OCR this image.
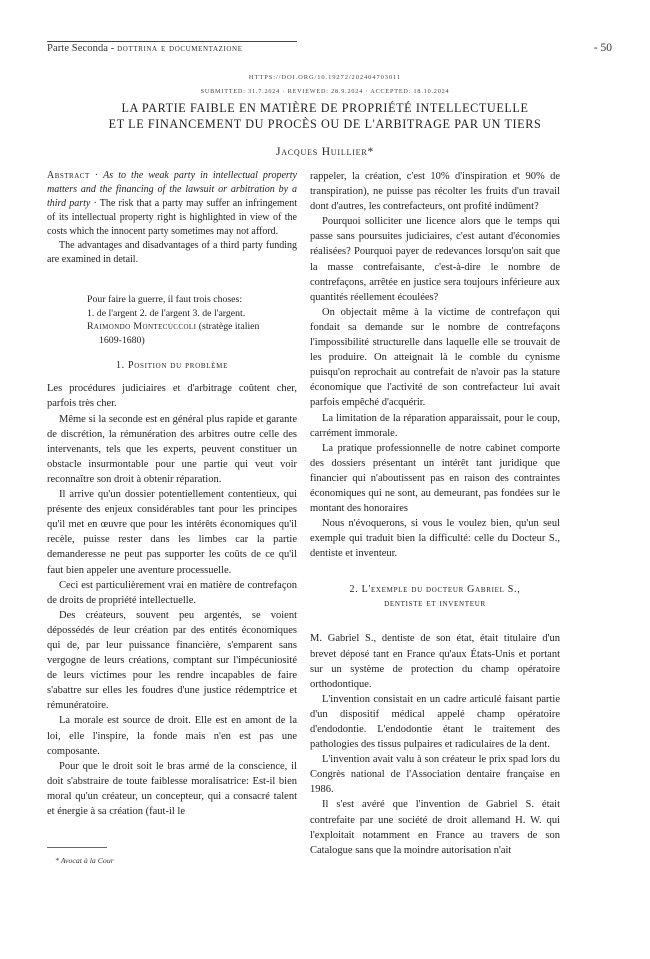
Parte Seconda - dottrina e documentazione	- 50
HTTPS://DOI.ORG/10.19272/202404703011
SUBMITTED: 31.7.2024 · REVIEWED: 28.9.2024 · ACCEPTED: 18.10.2024
LA PARTIE FAIBLE EN MATIÈRE DE PROPRIÉTÉ INTELLECTUELLE
ET LE FINANCEMENT DU PROCÈS OU DE L'ARBITRAGE PAR UN TIERS
Jacques Huillier*

Abstract · As to the weak party in intellectual property matters and the financing of the lawsuit or arbitration by a third party · The risk that a party may suffer an infringement of its intellectual property right is highlighted in view of the costs which the innocent party sometimes may not afford.

The advantages and disadvantages of a third party funding are examined in detail.

Pour faire la guerre, il faut trois choses:
1. de l'argent 2. de l'argent 3. de l'argent.
Raimondo Montecuccoli (stratège italien
1609-1680)
1. Position du problème

Les procédures judiciaires et d'arbitrage coûtent cher, parfois très cher.

Même si la seconde est en général plus rapide et garante de discrétion, la rémunération des arbitres outre celle des intervenants, tels que les experts, peuvent constituer un obstacle insurmontable pour une partie qui veut voir reconnaître son droit à obtenir réparation.

Il arrive qu'un dossier potentiellement contentieux, qui présente des enjeux considérables tant pour les principes qu'il met en œuvre que pour les intérêts économiques qu'il recèle, puisse rester dans les limbes car la partie demanderesse ne peut pas supporter les coûts de ce qu'il faut bien appeler une aventure processuelle.

Ceci est particulièrement vrai en matière de contrefaçon de droits de propriété intellectuelle.

Des créateurs, souvent peu argentés, se voient dépossédés de leur création par des entités économiques qui de, par leur puissance financière, s'emparent sans vergogne de leurs créations, comptant sur l'impécuniosité de leurs victimes pour les rendre incapables de faire s'abattre sur elles les foudres d'une justice rédemptrice et rémunératoire.

La morale est source de droit. Elle est en amont de la loi, elle l'inspire, la fonde mais n'en est pas une composante.

Pour que le droit soit le bras armé de la conscience, il doit s'abstraire de toute faiblesse moralisatrice: Est-il bien moral qu'un créateur, un concepteur, qui a consacré talent et énergie à sa création (faut-il le

rappeler, la création, c'est 10% d'inspiration et 90% de transpiration), ne puisse pas récolter les fruits d'un travail dont d'autres, les contrefacteurs, ont profité indûment?

Pourquoi solliciter une licence alors que le temps qui passe sans poursuites judiciaires, c'est autant d'économies réalisées? Pourquoi payer de redevances lorsqu'on sait que la masse contrefaisante, c'est-à-dire le nombre de contrefaçons, arrêtée en justice sera toujours inférieure aux quantités réellement écoulées?

On objectait même à la victime de contrefaçon qui fondait sa demande sur le nombre de contrefaçons l'impossibilité structurelle dans laquelle elle se trouvait de les produire. On atteignait là le comble du cynisme puisqu'on reprochait au contrefait de n'avoir pas la stature économique que l'activité de son contrefacteur lui avait parfois empêché d'acquérir.

La limitation de la réparation apparaissait, pour le coup, carrément immorale.

La pratique professionnelle de notre cabinet comporte des dossiers présentant un intérêt tant juridique que financier qui n'aboutissent pas en raison des contraintes économiques qui ne sont, au demeurant, pas fondées sur le montant des honoraires

Nous n'évoquerons, si vous le voulez bien, qu'un seul exemple qui traduit bien la difficulté: celle du Docteur S., dentiste et inventeur.

2. L'exemple du docteur Gabriel S.,
dentiste et inventeur

M. Gabriel S., dentiste de son état, était titulaire d'un brevet déposé tant en France qu'aux États-Unis et portant sur un système de protection du champ opératoire orthodontique.

L'invention consistait en un cadre articulé faisant partie d'un dispositif médical appelé champ opératoire d'endodontie. L'endodontie étant le traitement des pathologies des tissus pulpaires et radiculaires de la dent.

L'invention avait valu à son créateur le prix spad lors du Congrès national de l'Association dentaire française en 1986.

Il s'est avéré que l'invention de Gabriel S. était contrefaite par une société de droit allemand H. W. qui l'exploitait notamment en France au travers de son Catalogue sans que la moindre autorisation n'ait

* Avocat à la Cour
